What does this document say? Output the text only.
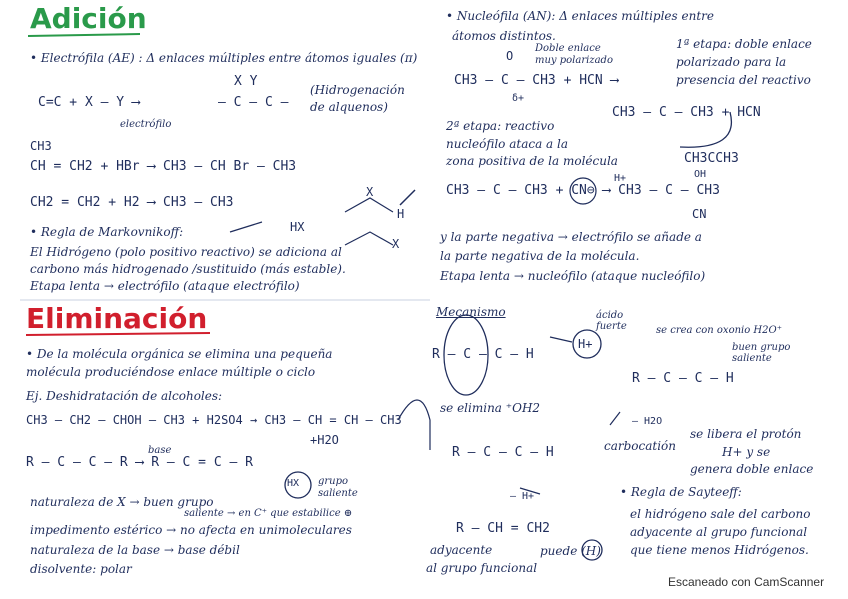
Adición
• Electrófila (AE) : Δ enlaces múltiples entre átomos iguales (π)
X Y
C=C + X – Y ⟶	– C – C –
(Hidrogenación de alquenos)
electrófilo
CH3
CH = CH2 + HBr ⟶ CH3 – CH Br – CH3
CH2 = CH2 + H2 ⟶ CH3 – CH3
X
H
X
• Regla de Markovnikoff:	HX
El Hidrógeno (polo positivo reactivo) se adiciona al
carbono más hidrogenado /sustituido (más estable).
Etapa lenta → electrófilo (ataque electrófilo)
• Nucleófila (AN): Δ enlaces múltiples entre
átomos distintos.
Doble enlace
muy polarizado
O
CH3 – C – CH3 + HCN ⟶
δ+
1ª etapa: doble enlace
polarizado para la
presencia del reactivo
CH3 – C – CH3 + HCN
2ª etapa: reactivo
nucleófilo ataca a la
zona positiva de la molécula	CH3CCH3
OH
CH3 – C – CH3 + CN⊖ ⟶ CH3 – C – CH3
H+
CN
y la parte negativa → electrófilo se añade a
la parte negativa de la molécula.
Etapa lenta → nucleófilo (ataque nucleófilo)
Eliminación
• De la molécula orgánica se elimina una pequeña
molécula produciéndose enlace múltiple o ciclo
Ej. Deshidratación de alcoholes:
CH3 – CH2 – CHOH – CH3 + H2SO4 → CH3 – CH = CH – CH3
+H2O
R – C – C – R ⟶ R – C = C – R
base
HX grupo saliente
naturaleza de X → buen grupo
saliente → en C⁺ que estabilice ⊕
impedimento estérico → no afecta en unimoleculares
naturaleza de la base → base débil
disolvente: polar
Mecanismo	ácido fuerte
H+
se crea con oxonio H2O⁺
buen grupo saliente
R – C – C – H
R – C – C – H
se elimina ⁺OH2
– H2O
R – C – C – H	carbocatión
se libera el protón
H+ y se
genera doble enlace
– H+	• Regla de Sayteeff:
el hidrógeno sale del carbono
adyacente al grupo funcional
que tiene menos Hidrógenos.
R – CH = CH2
adyacente	puede (H)
al grupo funcional
Escaneado con CamScanner
